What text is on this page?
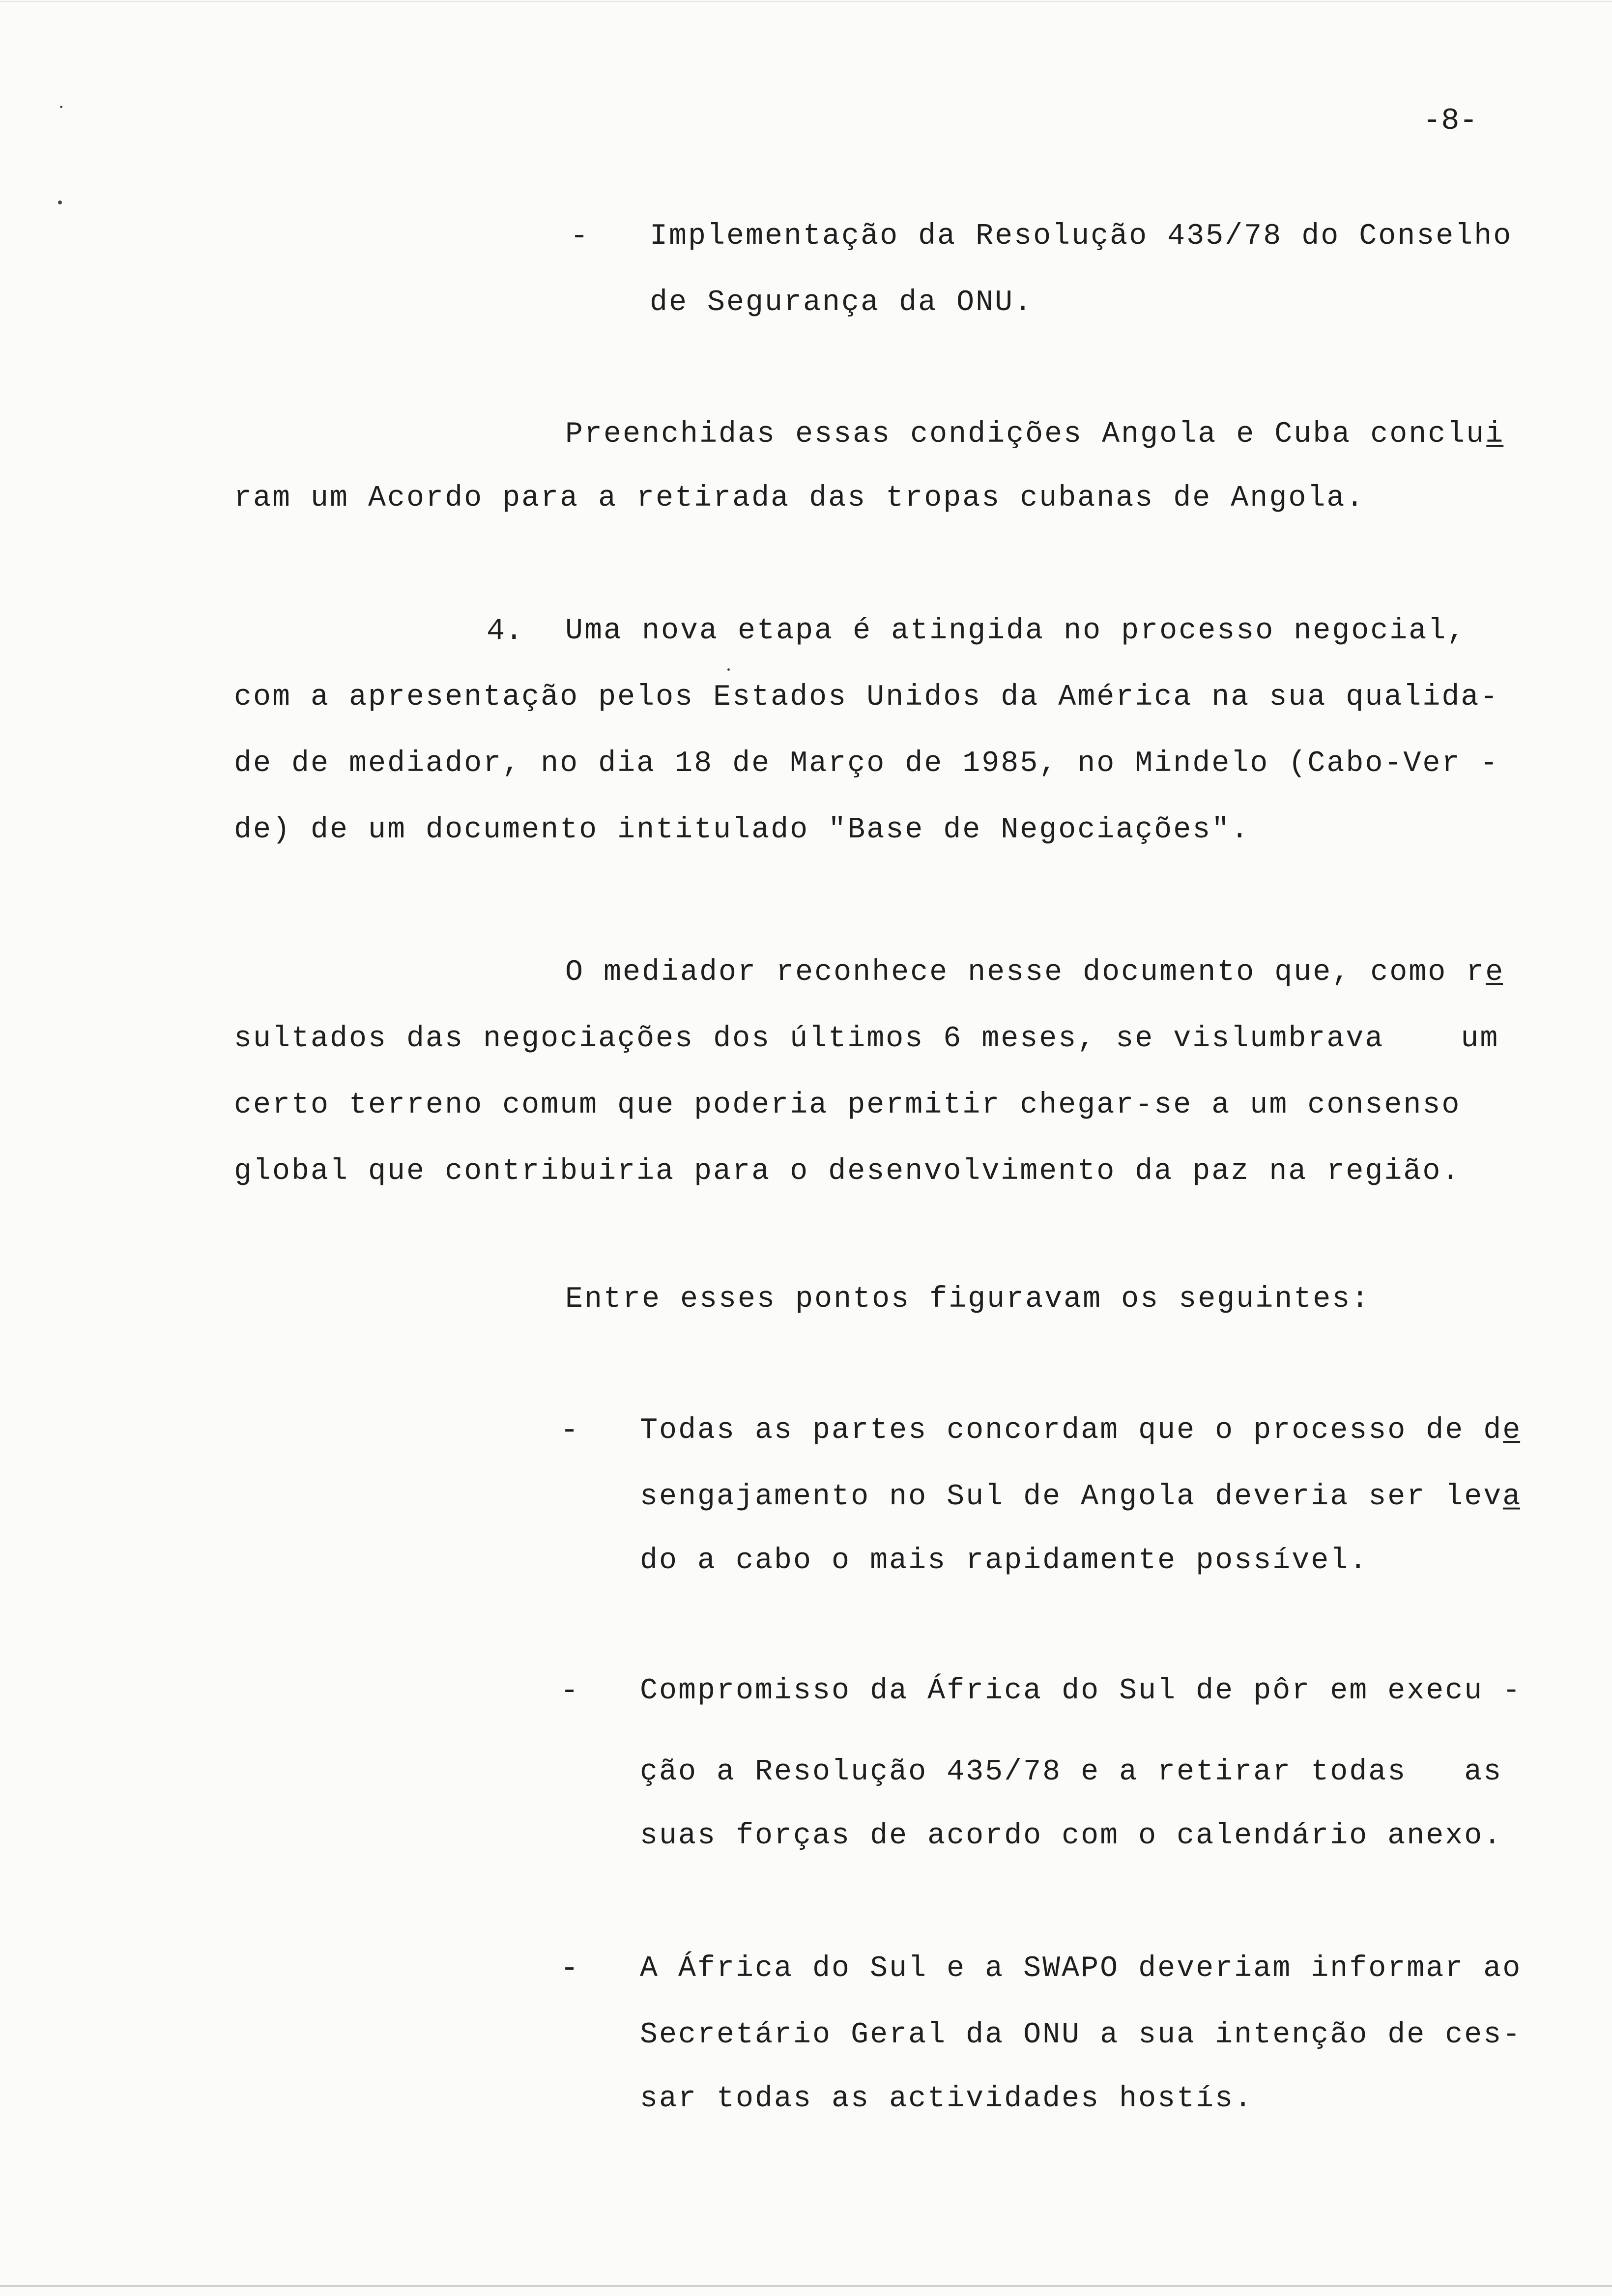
-8-
- Implementação da Resolução 435/78 do Conselho
de Segurança da ONU.
Preenchidas essas condições Angola e Cuba conclui̲
ram um Acordo para a retirada das tropas cubanas de Angola.
4. Uma nova etapa é atingida no processo negocial,
com a apresentação pelos Estados Unidos da América na sua qualida-
de de mediador, no dia 18 de Março de 1985, no Mindelo (Cabo-Ver -
de) de um documento intitulado "Base de Negociações".
O mediador reconhece nesse documento que, como re̲
sultados das negociações dos últimos 6 meses, se vislumbrava    um
certo terreno comum que poderia permitir chegar-se a um consenso
global que contribuiria para o desenvolvimento da paz na região.
Entre esses pontos figuravam os seguintes:
- Todas as partes concordam que o processo de de̲
sengajamento no Sul de Angola deveria ser leva̲
do a cabo o mais rapidamente possível.
- Compromisso da África do Sul de pôr em execu -
ção a Resolução 435/78 e a retirar todas   as
suas forças de acordo com o calendário anexo.
- A África do Sul e a SWAPO deveriam informar ao
Secretário Geral da ONU a sua intenção de ces-
sar todas as actividades hostís.
